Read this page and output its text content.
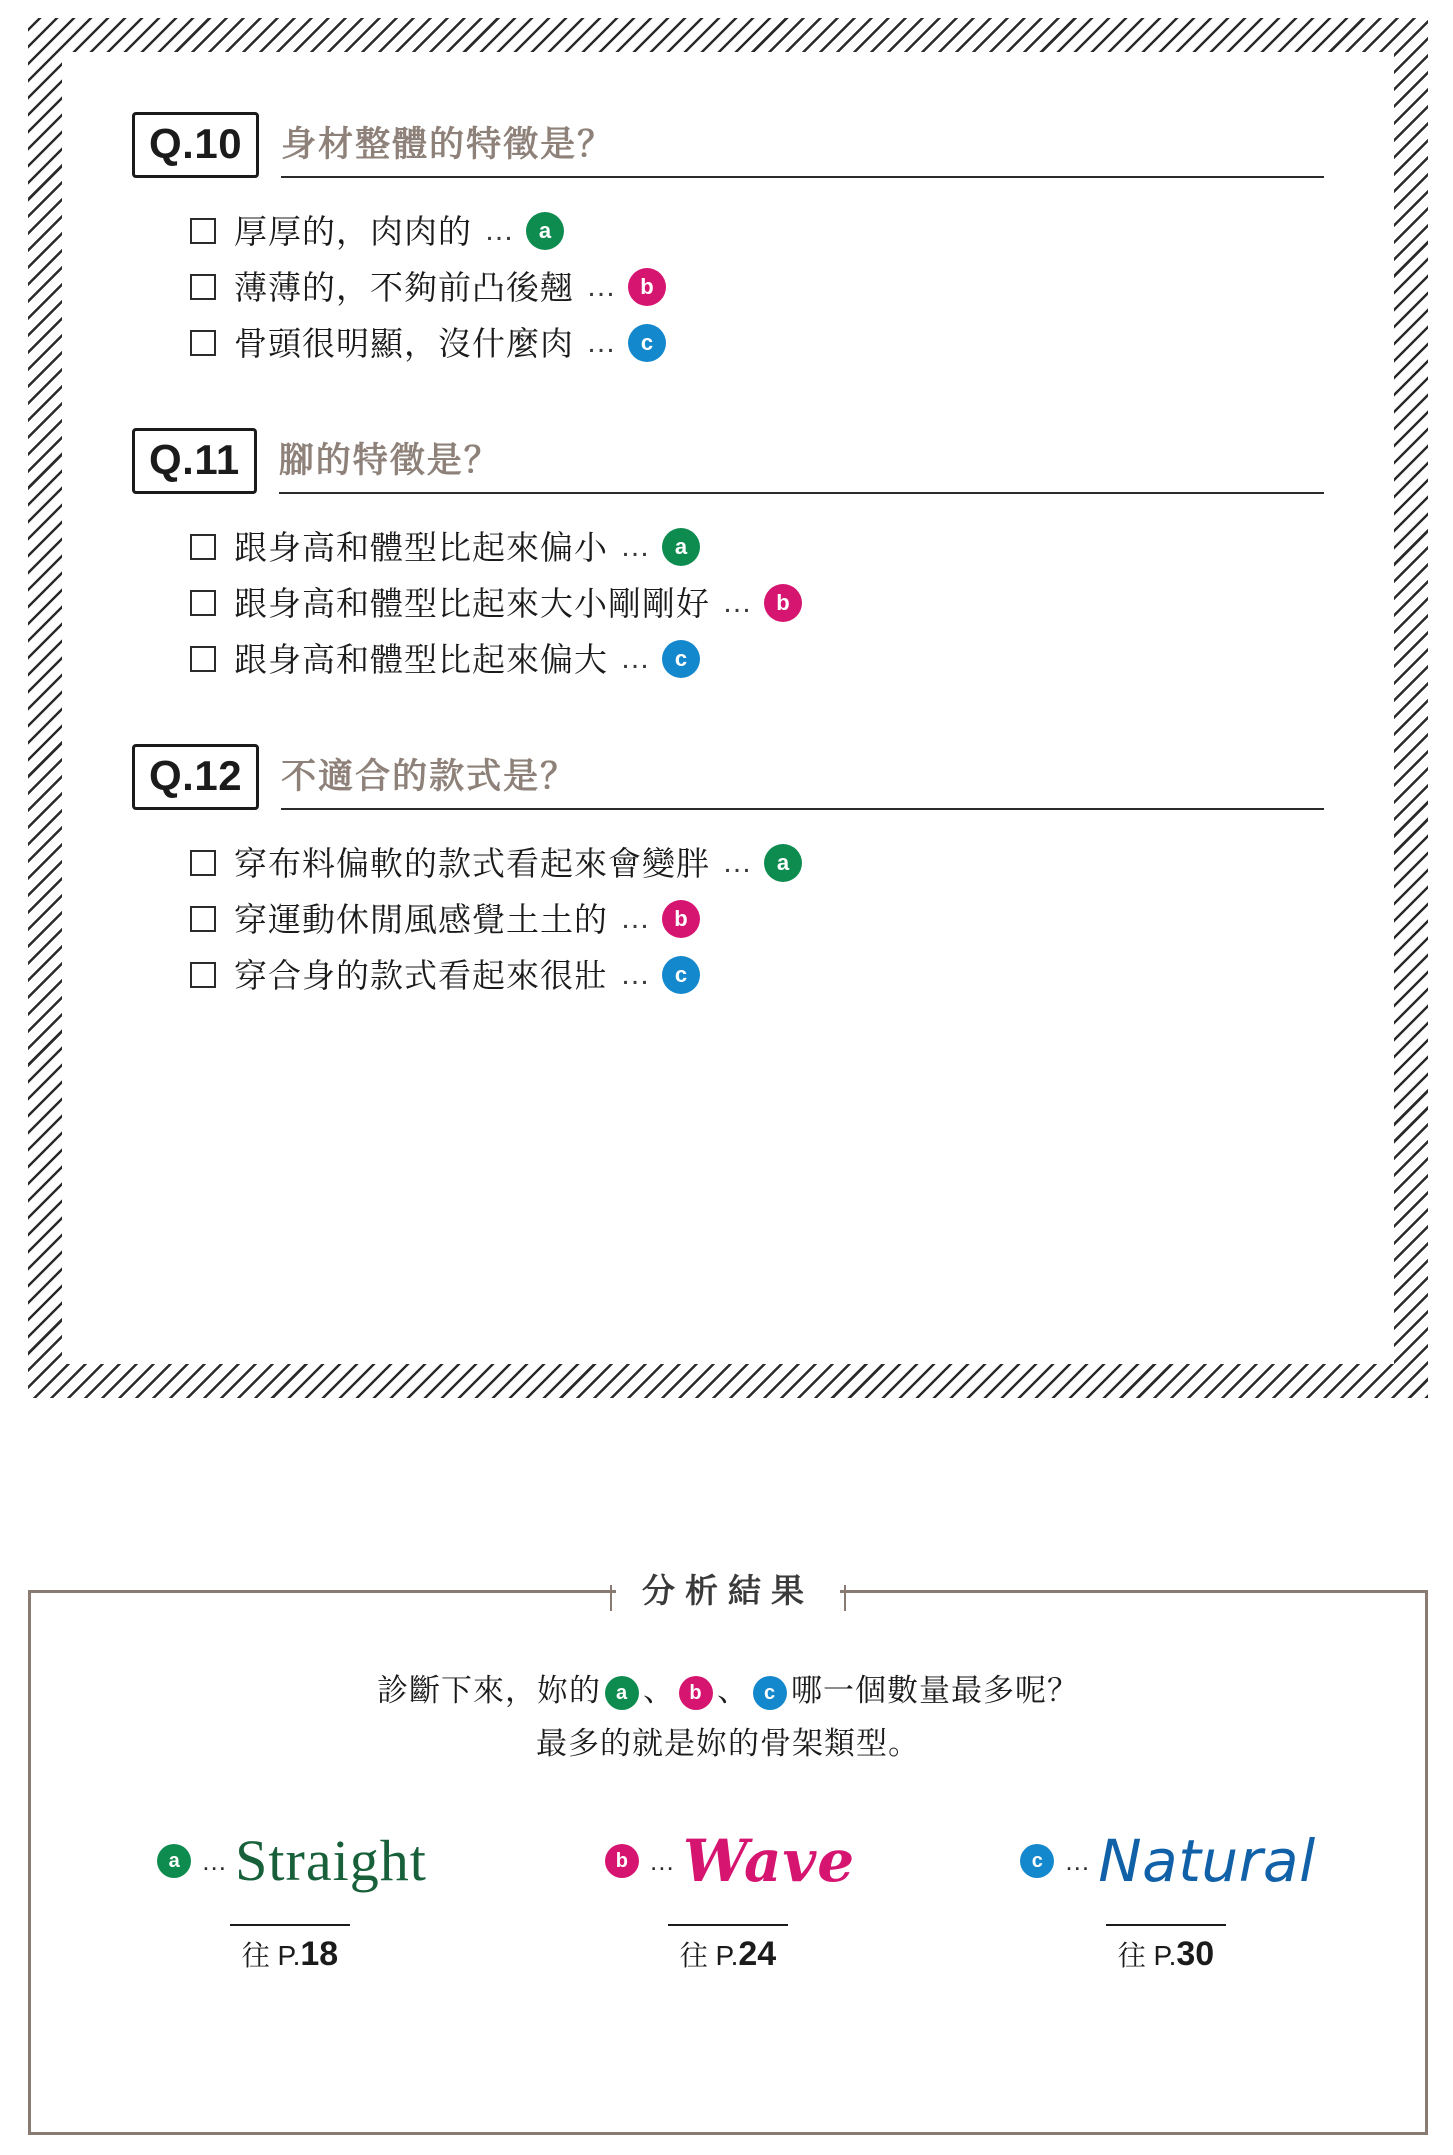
Q.10	身材整體的特徵是？
厚厚的，肉肉的 …	a
薄薄的，不夠前凸後翹 …	b
骨頭很明顯，沒什麼肉 …	c
Q.11	腳的特徵是？
跟身高和體型比起來偏小 …	a
跟身高和體型比起來大小剛剛好 …	b
跟身高和體型比起來偏大 …	c
Q.12	不適合的款式是？
穿布料偏軟的款式看起來會變胖 …	a
穿運動休閒風感覺土土的 …	b
穿合身的款式看起來很壯 …	c
分析結果
診斷下來，妳的 a 、 b 、 c 哪一個數量最多呢？
最多的就是妳的骨架類型。
a … Straight
往 P.18
b … Wave
往 P.24
c … Natural
往 P.30
